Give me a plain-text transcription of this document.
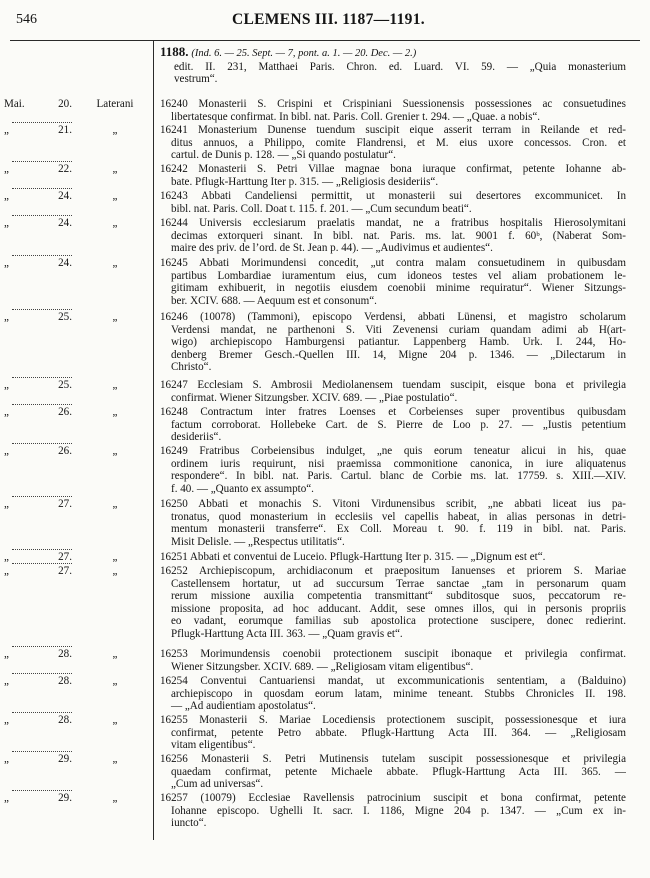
546	CLEMENS III. 1187—1191.
1188. (Ind. 6. — 25. Sept. — 7, pont. a. 1. — 20. Dec. — 2.)
edit. II. 231, Matthaei Paris. Chron. ed. Luard. VI. 59. — „Quia monasterium
vestrum“.
Mai.	20.	Laterani	16240 Monasterii S. Crispini et Crispiniani Suessionensis possessiones ac consuetudines
libertatesque confirmat. In bibl. nat. Paris. Coll. Grenier t. 294. — „Quae. a nobis“.
„	21.	„	16241 Monasterium Dunense tuendum suscipit eique asserit terram in Reilande et red-
ditus annuos, a Philippo, comite Flandrensi, et M. eius uxore concessos. Cron. et
cartul. de Dunis p. 128. — „Si quando postulatur“.
„	22.	„	16242 Monasterii S. Petri Villae magnae bona iuraque confirmat, petente Iohanne ab-
bate. Pflugk-Harttung Iter p. 315. — „Religiosis desideriis“.
„	24.	„	16243 Abbati Candeliensi permittit, ut monasterii sui desertores excommunicet. In
bibl. nat. Paris. Coll. Doat t. 115. f. 201. — „Cum secundum beati“.
„	24.	„	16244 Universis ecclesiarum praelatis mandat, ne a fratribus hospitalis Hierosolymitani
decimas extorqueri sinant. In bibl. nat. Paris. ms. lat. 9001 f. 60ᵇ, (Naberat Som-
maire des priv. de l’ord. de St. Jean p. 44). — „Audivimus et audientes“.
„	24.	„	16245 Abbati Morimundensi concedit, „ut contra malam consuetudinem in quibusdam
partibus Lombardiae iuramentum eius, cum idoneos testes vel aliam probationem le-
gitimam exhibuerit, in negotiis eiusdem coenobii minime requiratur“. Wiener Sitzungs-
ber. XCIV. 688. — Aequum est et consonum“.
„	25.	„	16246 (10078) (Tammoni), episcopo Verdensi, abbati Lünensi, et magistro scholarum
Verdensi mandat, ne parthenoni S. Viti Zevenensi curiam quandam adimi ab H(art-
wigo) archiepiscopo Hamburgensi patiantur. Lappenberg Hamb. Urk. I. 244, Ho-
denberg Bremer Gesch.-Quellen III. 14, Migne 204 p. 1346. — „Dilectarum in
Christo“.
„	25.	„	16247 Ecclesiam S. Ambrosii Mediolanensem tuendam suscipit, eisque bona et privilegia
confirmat. Wiener Sitzungsber. XCIV. 689. — „Piae postulatio“.
„	26.	„	16248 Contractum inter fratres Loenses et Corbeienses super proventibus quibusdam
factum corroborat. Hollebeke Cart. de S. Pierre de Loo p. 27. — „Iustis petentium
desideriis“.
„	26.	„	16249 Fratribus Corbeiensibus indulget, „ne quis eorum teneatur alicui in his, quae
ordinem iuris requirunt, nisi praemissa commonitione canonica, in iure aliquatenus
respondere“. In bibl. nat. Paris. Cartul. blanc de Corbie ms. lat. 17759. s. XIII.—XIV.
f. 40. — „Quanto ex assumpto“.
„	27.	„	16250 Abbati et monachis S. Vitoni Virdunensibus scribit, „ne abbati liceat ius pa-
tronatus, quod monasterium in ecclesiis vel capellis habeat, in alias personas in detri-
mentum monasterii transferre“. Ex Coll. Moreau t. 90. f. 119 in bibl. nat. Paris.
Misit Delisle. — „Respectus utilitatis“.
„	27.	„	16251 Abbati et conventui de Luceio. Pflugk-Harttung Iter p. 315. — „Dignum est et“.
„	27.	„	16252 Archiepiscopum, archidiaconum et praepositum Ianuenses et priorem S. Mariae
Castellensem hortatur, ut ad succursum Terrae sanctae „tam in personarum quam
rerum missione auxilia competentia transmittant“ subditosque suos, peccatorum re-
missione proposita, ad hoc adducant. Addit, sese omnes illos, qui in personis propriis
eo vadant, eorumque familias sub apostolica protectione suscipere, donec redierint.
Pflugk-Harttung Acta III. 363. — „Quam gravis et“.
„	28.	„	16253 Morimundensis coenobii protectionem suscipit ibonaque et privilegia confirmat.
Wiener Sitzungsber. XCIV. 689. — „Religiosam vitam eligentibus“.
„	28.	„	16254 Conventui Cantuariensi mandat, ut excommunicationis sententiam, a (Balduino)
archiepiscopo in quosdam eorum latam, minime teneant. Stubbs Chronicles II. 198.
— „Ad audientiam apostolatus“.
„	28.	„	16255 Monasterii S. Mariae Locediensis protectionem suscipit, possessionesque et iura
confirmat, petente Petro abbate. Pflugk-Harttung Acta III. 364. — „Religiosam
vitam eligentibus“.
„	29.	„	16256 Monasterii S. Petri Mutinensis tutelam suscipit possessionesque et privilegia
quaedam confirmat, petente Michaele abbate. Pflugk-Harttung Acta III. 365. —
„Cum ad universas“.
„	29.	„	16257 (10079) Ecclesiae Ravellensis patrocinium suscipit et bona confirmat, petente
Iohanne episcopo. Ughelli It. sacr. I. 1186, Migne 204 p. 1347. — „Cum ex in-
iuncto“.
